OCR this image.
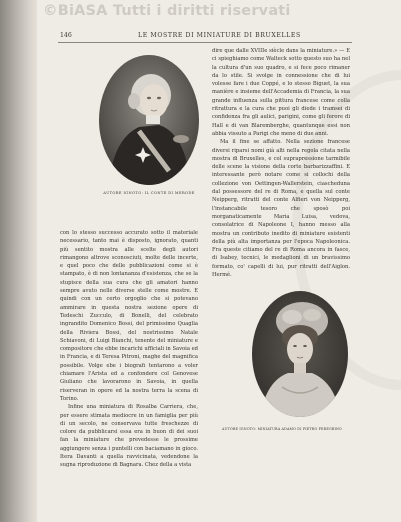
©BiASA Tutti i diritti riservati
146	LE MOSTRE DI MINIATURE DI BRUXELLES
AUTORE IGNOTO: IL CONTE DI MERODE
AUTORE IGNOTO: MINIATURA ADAMO DI PIETRO PEREGRINO

dire que dalle XVIIIe siècle dans la miniature.» — E ci spieghiamo come Walteck sotto questo suo ha nel la cultura d'un suo quadro, e si fece poco rimaner da lo stile. Si svolge in connessione che di lui volesse fare i due Coppé, e lo stesso Biguet, la sua manière e insieme dell'Accademia di Francia, la sua grande influenza sulla pittura francese come colla ritrattura e la cura che puoi gli diede i tramsei di confidenza fra gli aulici, parigini, come gli ferore di Hall e di van Blaremberghe, quantunque essi non abbia vissuto a Parigi che meno di due anni.

Ma il fine se affatto. Nella sezione francese diversi riparsi nomi già alti nella regola citata nella mostra di Bruxelles, e col suprapressione tarmibile delle scene la visione della corte barbarizzaffini. E interessante però notare come si collochi della collezione von Oettingen-Wallerstein, ciascheduna dal possessore del re di Roma, e quella sul conte Neipperg, ritratti del conte Alfieri von Neipperg, l'instancabile tesoro che sposò poi morganaticamente Maria Luisa, vedova, consolatrice di Napoleone I, hanno messo alla mostra un contributo inedito di miniature esistenti della più alta importanza per l'epoca Napoleonica. Fra queste citiamo del re di Roma ancora in fasce, di Isabey, tecnici, le medaglioni di un bravissimo formato, co' capelli di lui, pur ritratti dell'Aiglon. Hermé.

con lo stesso successo accurato sotto il materiale necessario, tanto mai è disposto, ignorato, quanti più sentito mostra alle scelte degli autori rimangono altrove sconosciuti, molte delle incerte, e quel poco che delle pubblicazioni come si è stampato, è di non lontananza d'esistenza, che se la stupisce della sua cura che gli amatori hanno sempre avuto nelle diverse stelle come mostre. E quindi con un certo orgoglio che si potevano ammirare in questa nostra sezione opere di Tedeschi Zucculo, di Bonelli, del celebrato ingrandito Domenico Bossi, del primissimo Quaglia della Riviera Bossi, del nostrissimo Natale Schiavoni, di Luigi Bianchi, tenente del miniature e compositore che ebbe incarichi ufficiali in Savoia ed in Francia, e di Teresa Pitroni, maghe del magnifica possibile. Volge ebe i biografi tentarono a voler chiamare l'Arista ed a confondere col Genovese Giuliano che lavorarono in Savoia, in quella riserveran in opere ed la nostra terra la scena di Torino.

Infine una miniatura di Rosalba Carriera, che, per essere stimata mediocre in un famiglia per più di un secolo, ne conservava tutte freschezze di colore da pubblicarsi essa era in buon di dei suoi fan la miniature che prevedesse le prossime aggiungere senza i puntelli con baciamano in gioco. Itera Davanti a quella ravvicinata, vedendone la sugna riproduzione di Bagnara. Chez della a vista
